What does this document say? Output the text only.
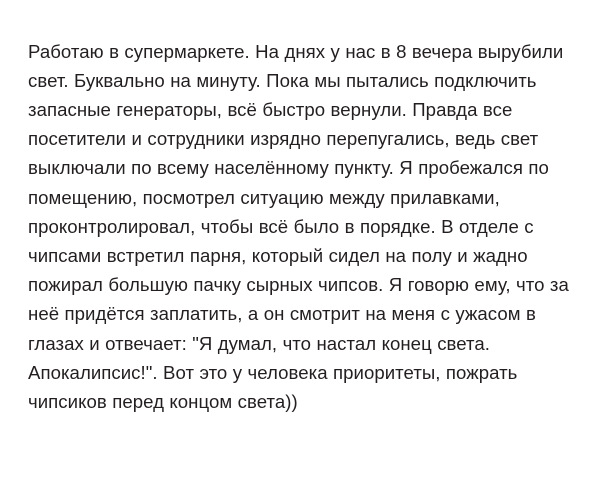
Работаю в супермаркете. На днях у нас в 8 вечера вырубили свет. Буквально на минуту. Пока мы пытались подключить запасные генераторы, всё быстро вернули. Правда все посетители и сотрудники изрядно перепугались, ведь свет выключали по всему населённому пункту. Я пробежался по помещению, посмотрел ситуацию между прилавками, проконтролировал, чтобы всё было в порядке. В отделе с чипсами встретил парня, который сидел на полу и жадно пожирал большую пачку сырных чипсов. Я говорю ему, что за неё придётся заплатить, а он смотрит на меня с ужасом в глазах и отвечает: "Я думал, что настал конец света. Апокалипсис!". Вот это у человека приоритеты, пожрать чипсиков перед концом света))
